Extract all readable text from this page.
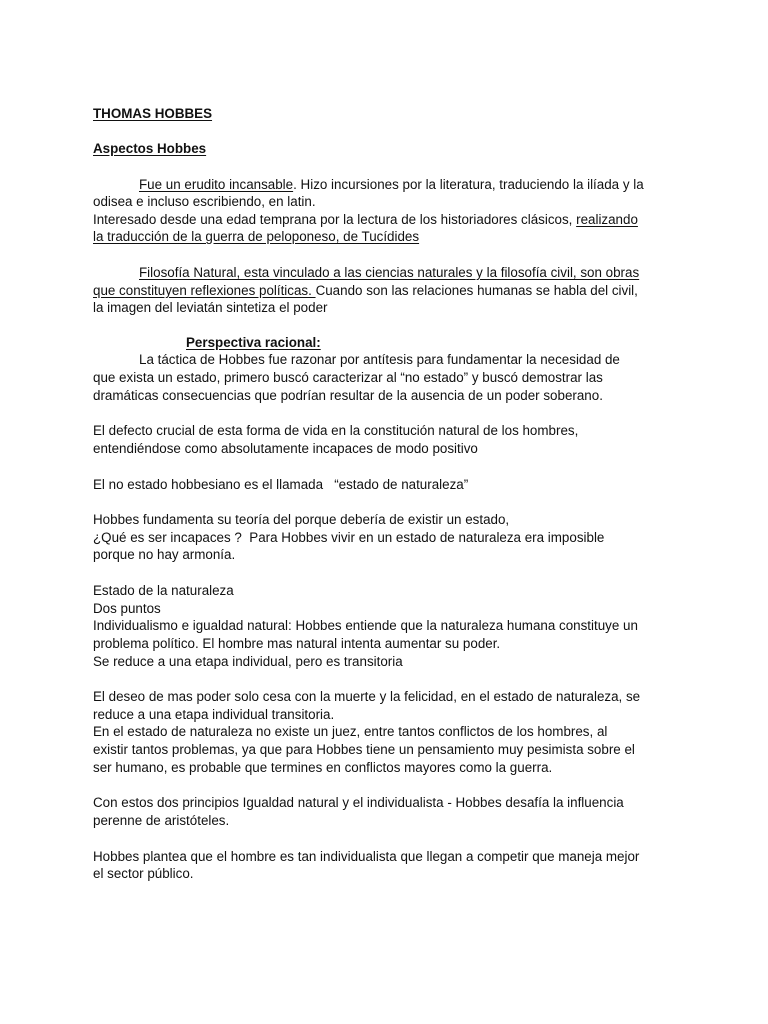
THOMAS HOBBES
Aspectos Hobbes
Fue un erudito incansable. Hizo incursiones por la literatura, traduciendo la ilíada y la
odisea e incluso escribiendo, en latin.
Interesado desde una edad temprana por la lectura de los historiadores clásicos, realizando
la traducción de la guerra de peloponeso, de Tucídides
Filosofía Natural, esta vinculado a las ciencias naturales y la filosofía civil, son obras
que constituyen reflexiones políticas. Cuando son las relaciones humanas se habla del civil,
la imagen del leviatán sintetiza el poder
Perspectiva racional:
La táctica de Hobbes fue razonar por antítesis para fundamentar la necesidad de
que exista un estado, primero buscó caracterizar al “no estado” y buscó demostrar las
dramáticas consecuencias que podrían resultar de la ausencia de un poder soberano.
El defecto crucial de esta forma de vida en la constitución natural de los hombres,
entendiéndose como absolutamente incapaces de modo positivo
El no estado hobbesiano es el llamada   “estado de naturaleza”
Hobbes fundamenta su teoría del porque debería de existir un estado,
¿Qué es ser incapaces ?  Para Hobbes vivir en un estado de naturaleza era imposible
porque no hay armonía.
Estado de la naturaleza
Dos puntos
Individualismo e igualdad natural: Hobbes entiende que la naturaleza humana constituye un
problema político. El hombre mas natural intenta aumentar su poder.
Se reduce a una etapa individual, pero es transitoria
El deseo de mas poder solo cesa con la muerte y la felicidad, en el estado de naturaleza, se
reduce a una etapa individual transitoria.
En el estado de naturaleza no existe un juez, entre tantos conflictos de los hombres, al
existir tantos problemas, ya que para Hobbes tiene un pensamiento muy pesimista sobre el
ser humano, es probable que termines en conflictos mayores como la guerra.
Con estos dos principios Igualdad natural y el individualista - Hobbes desafía la influencia
perenne de aristóteles.
Hobbes plantea que el hombre es tan individualista que llegan a competir que maneja mejor
el sector público.
